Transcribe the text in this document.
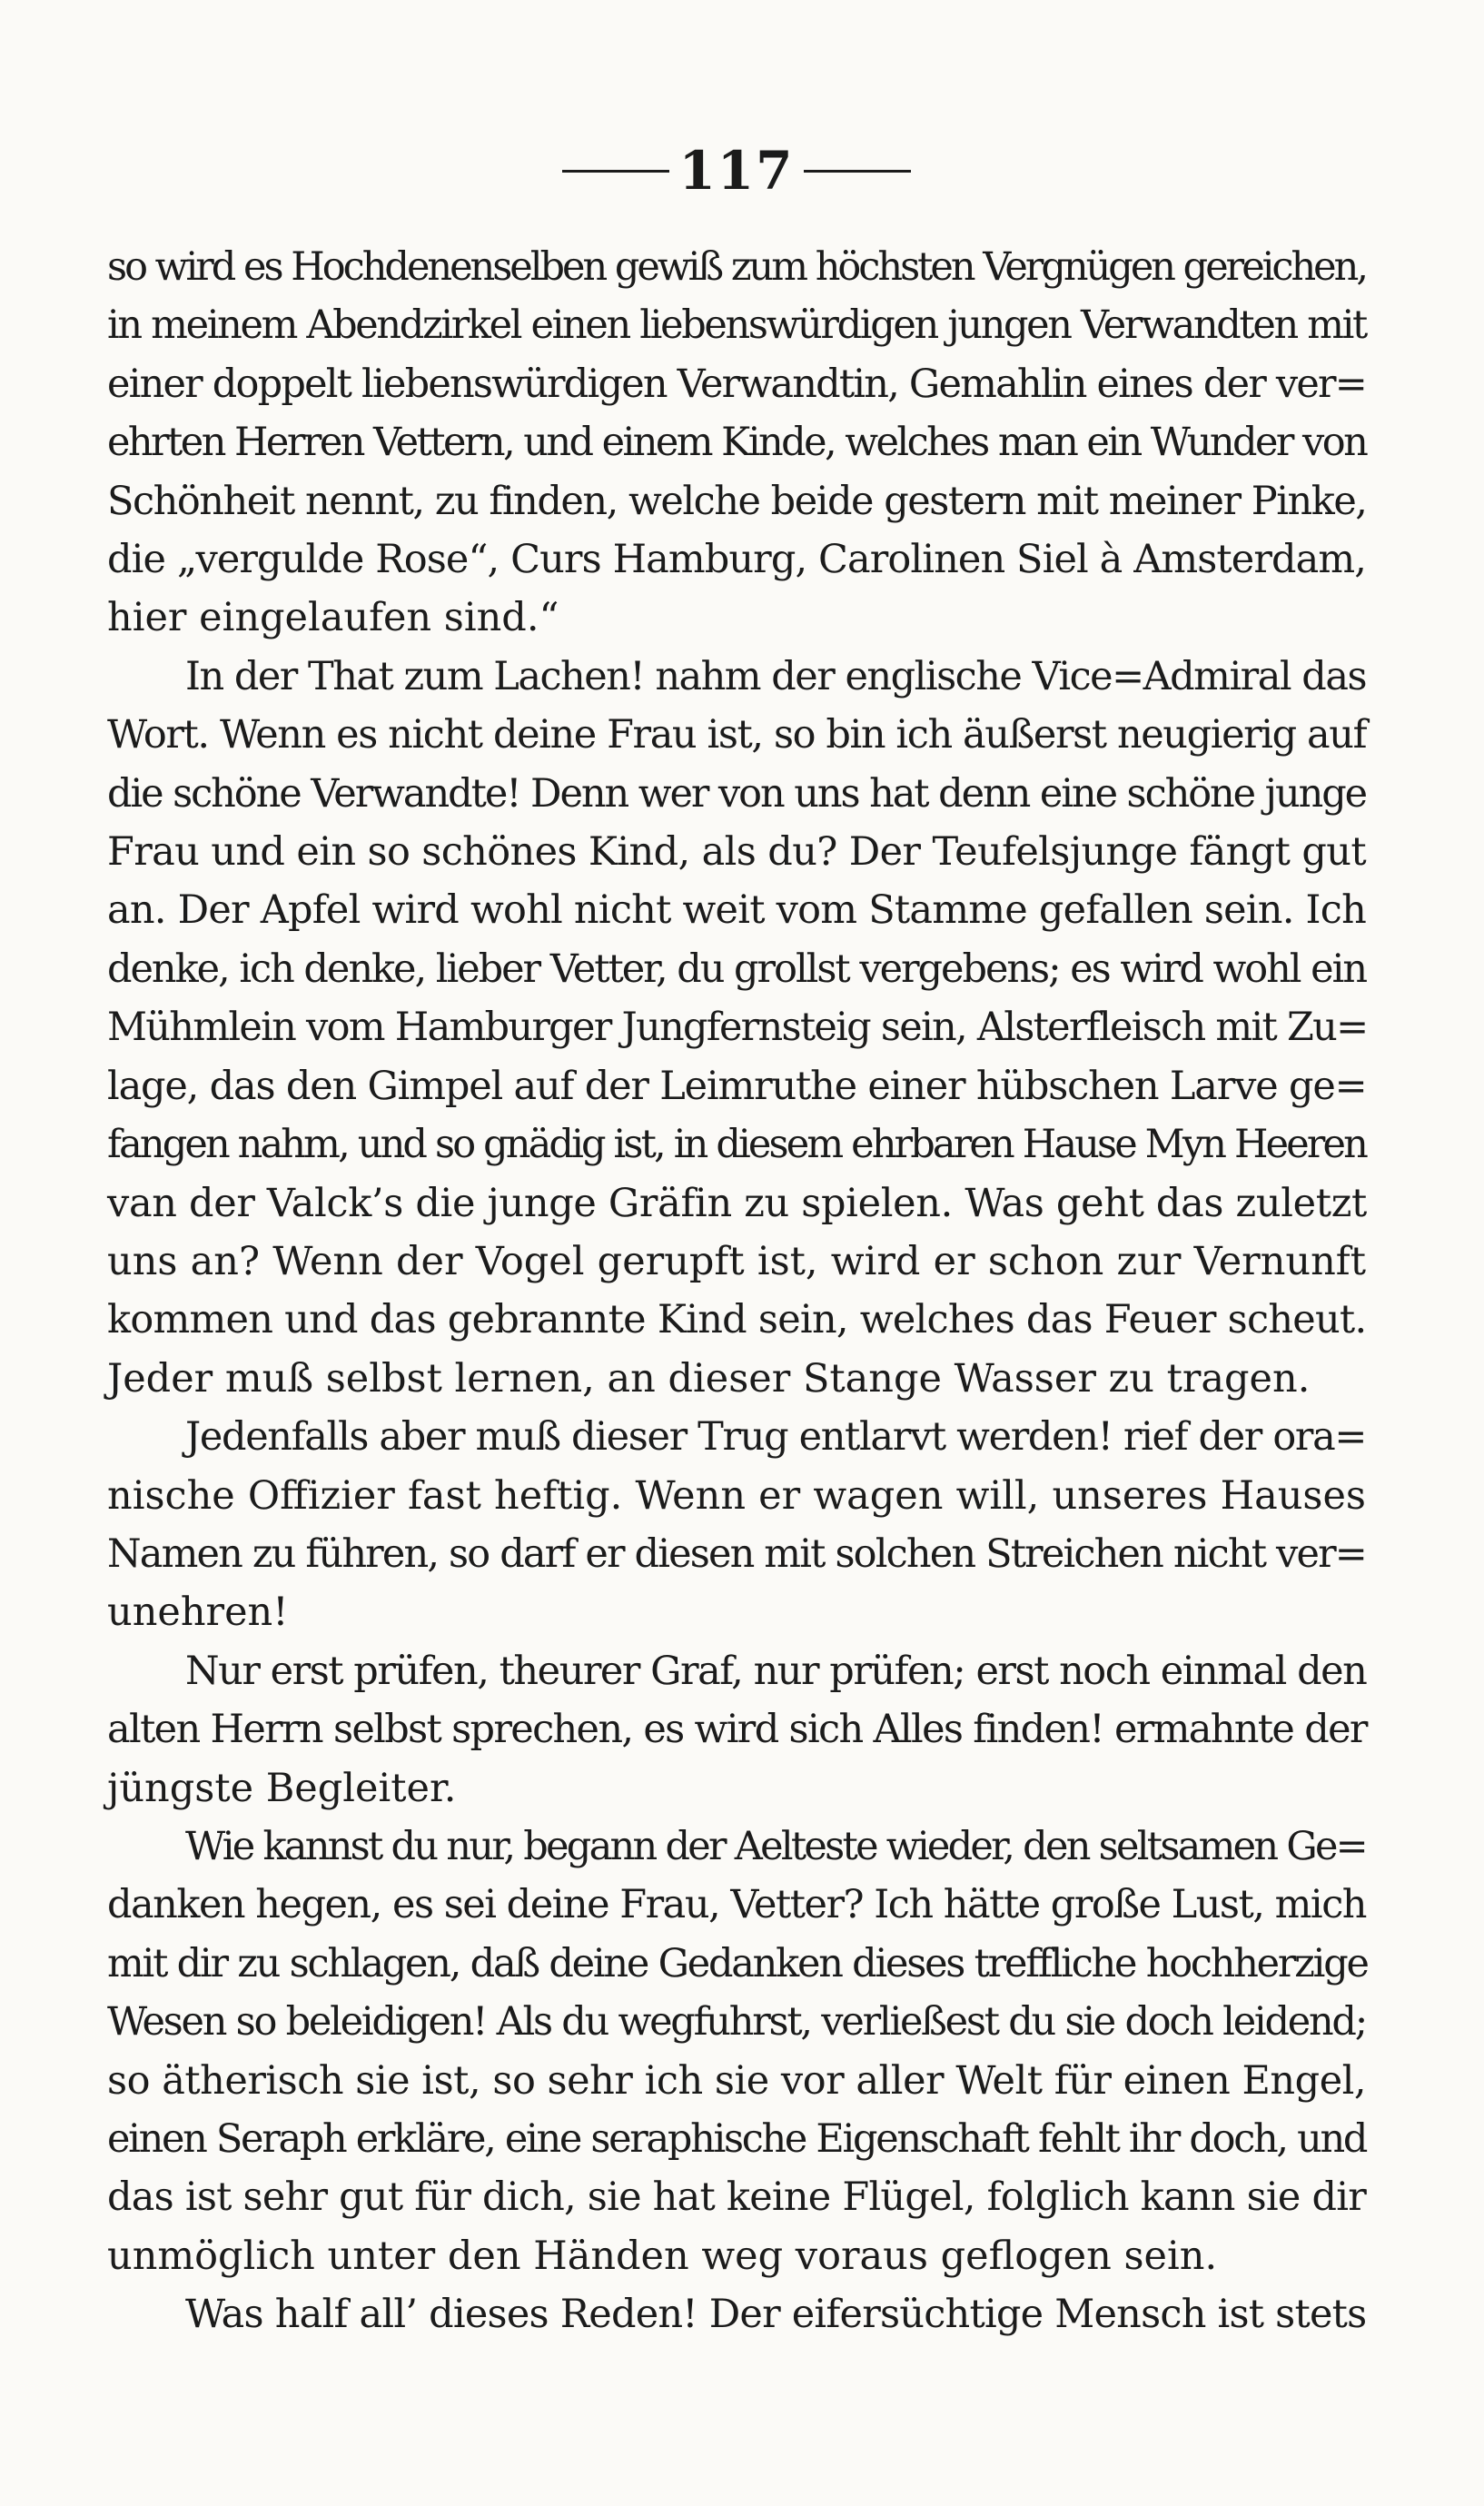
117
so wird es Hochdenenselben gewiß zum höchsten Vergnügen gereichen,
in meinem Abendzirkel einen liebenswürdigen jungen Verwandten mit
einer doppelt liebenswürdigen Verwandtin, Gemahlin eines der ver=
ehrten Herren Vettern, und einem Kinde, welches man ein Wunder von
Schönheit nennt, zu finden, welche beide gestern mit meiner Pinke,
die „vergulde Rose“, Curs Hamburg, Carolinen Siel à Amsterdam,
hier eingelaufen sind.“
In der That zum Lachen! nahm der englische Vice=Admiral das
Wort. Wenn es nicht deine Frau ist, so bin ich äußerst neugierig auf
die schöne Verwandte! Denn wer von uns hat denn eine schöne junge
Frau und ein so schönes Kind, als du? Der Teufelsjunge fängt gut
an. Der Apfel wird wohl nicht weit vom Stamme gefallen sein. Ich
denke, ich denke, lieber Vetter, du grollst vergebens; es wird wohl ein
Mühmlein vom Hamburger Jungfernsteig sein, Alsterfleisch mit Zu=
lage, das den Gimpel auf der Leimruthe einer hübschen Larve ge=
fangen nahm, und so gnädig ist, in diesem ehrbaren Hause Myn Heeren
van der Valck’s die junge Gräfin zu spielen. Was geht das zuletzt
uns an? Wenn der Vogel gerupft ist, wird er schon zur Vernunft
kommen und das gebrannte Kind sein, welches das Feuer scheut.
Jeder muß selbst lernen, an dieser Stange Wasser zu tragen.
Jedenfalls aber muß dieser Trug entlarvt werden! rief der ora=
nische Offizier fast heftig. Wenn er wagen will, unseres Hauses
Namen zu führen, so darf er diesen mit solchen Streichen nicht ver=
unehren!
Nur erst prüfen, theurer Graf, nur prüfen; erst noch einmal den
alten Herrn selbst sprechen, es wird sich Alles finden! ermahnte der
jüngste Begleiter.
Wie kannst du nur, begann der Aelteste wieder, den seltsamen Ge=
danken hegen, es sei deine Frau, Vetter? Ich hätte große Lust, mich
mit dir zu schlagen, daß deine Gedanken dieses treffliche hochherzige
Wesen so beleidigen! Als du wegfuhrst, verließest du sie doch leidend;
so ätherisch sie ist, so sehr ich sie vor aller Welt für einen Engel,
einen Seraph erkläre, eine seraphische Eigenschaft fehlt ihr doch, und
das ist sehr gut für dich, sie hat keine Flügel, folglich kann sie dir
unmöglich unter den Händen weg voraus geflogen sein.
Was half all’ dieses Reden! Der eifersüchtige Mensch ist stets
